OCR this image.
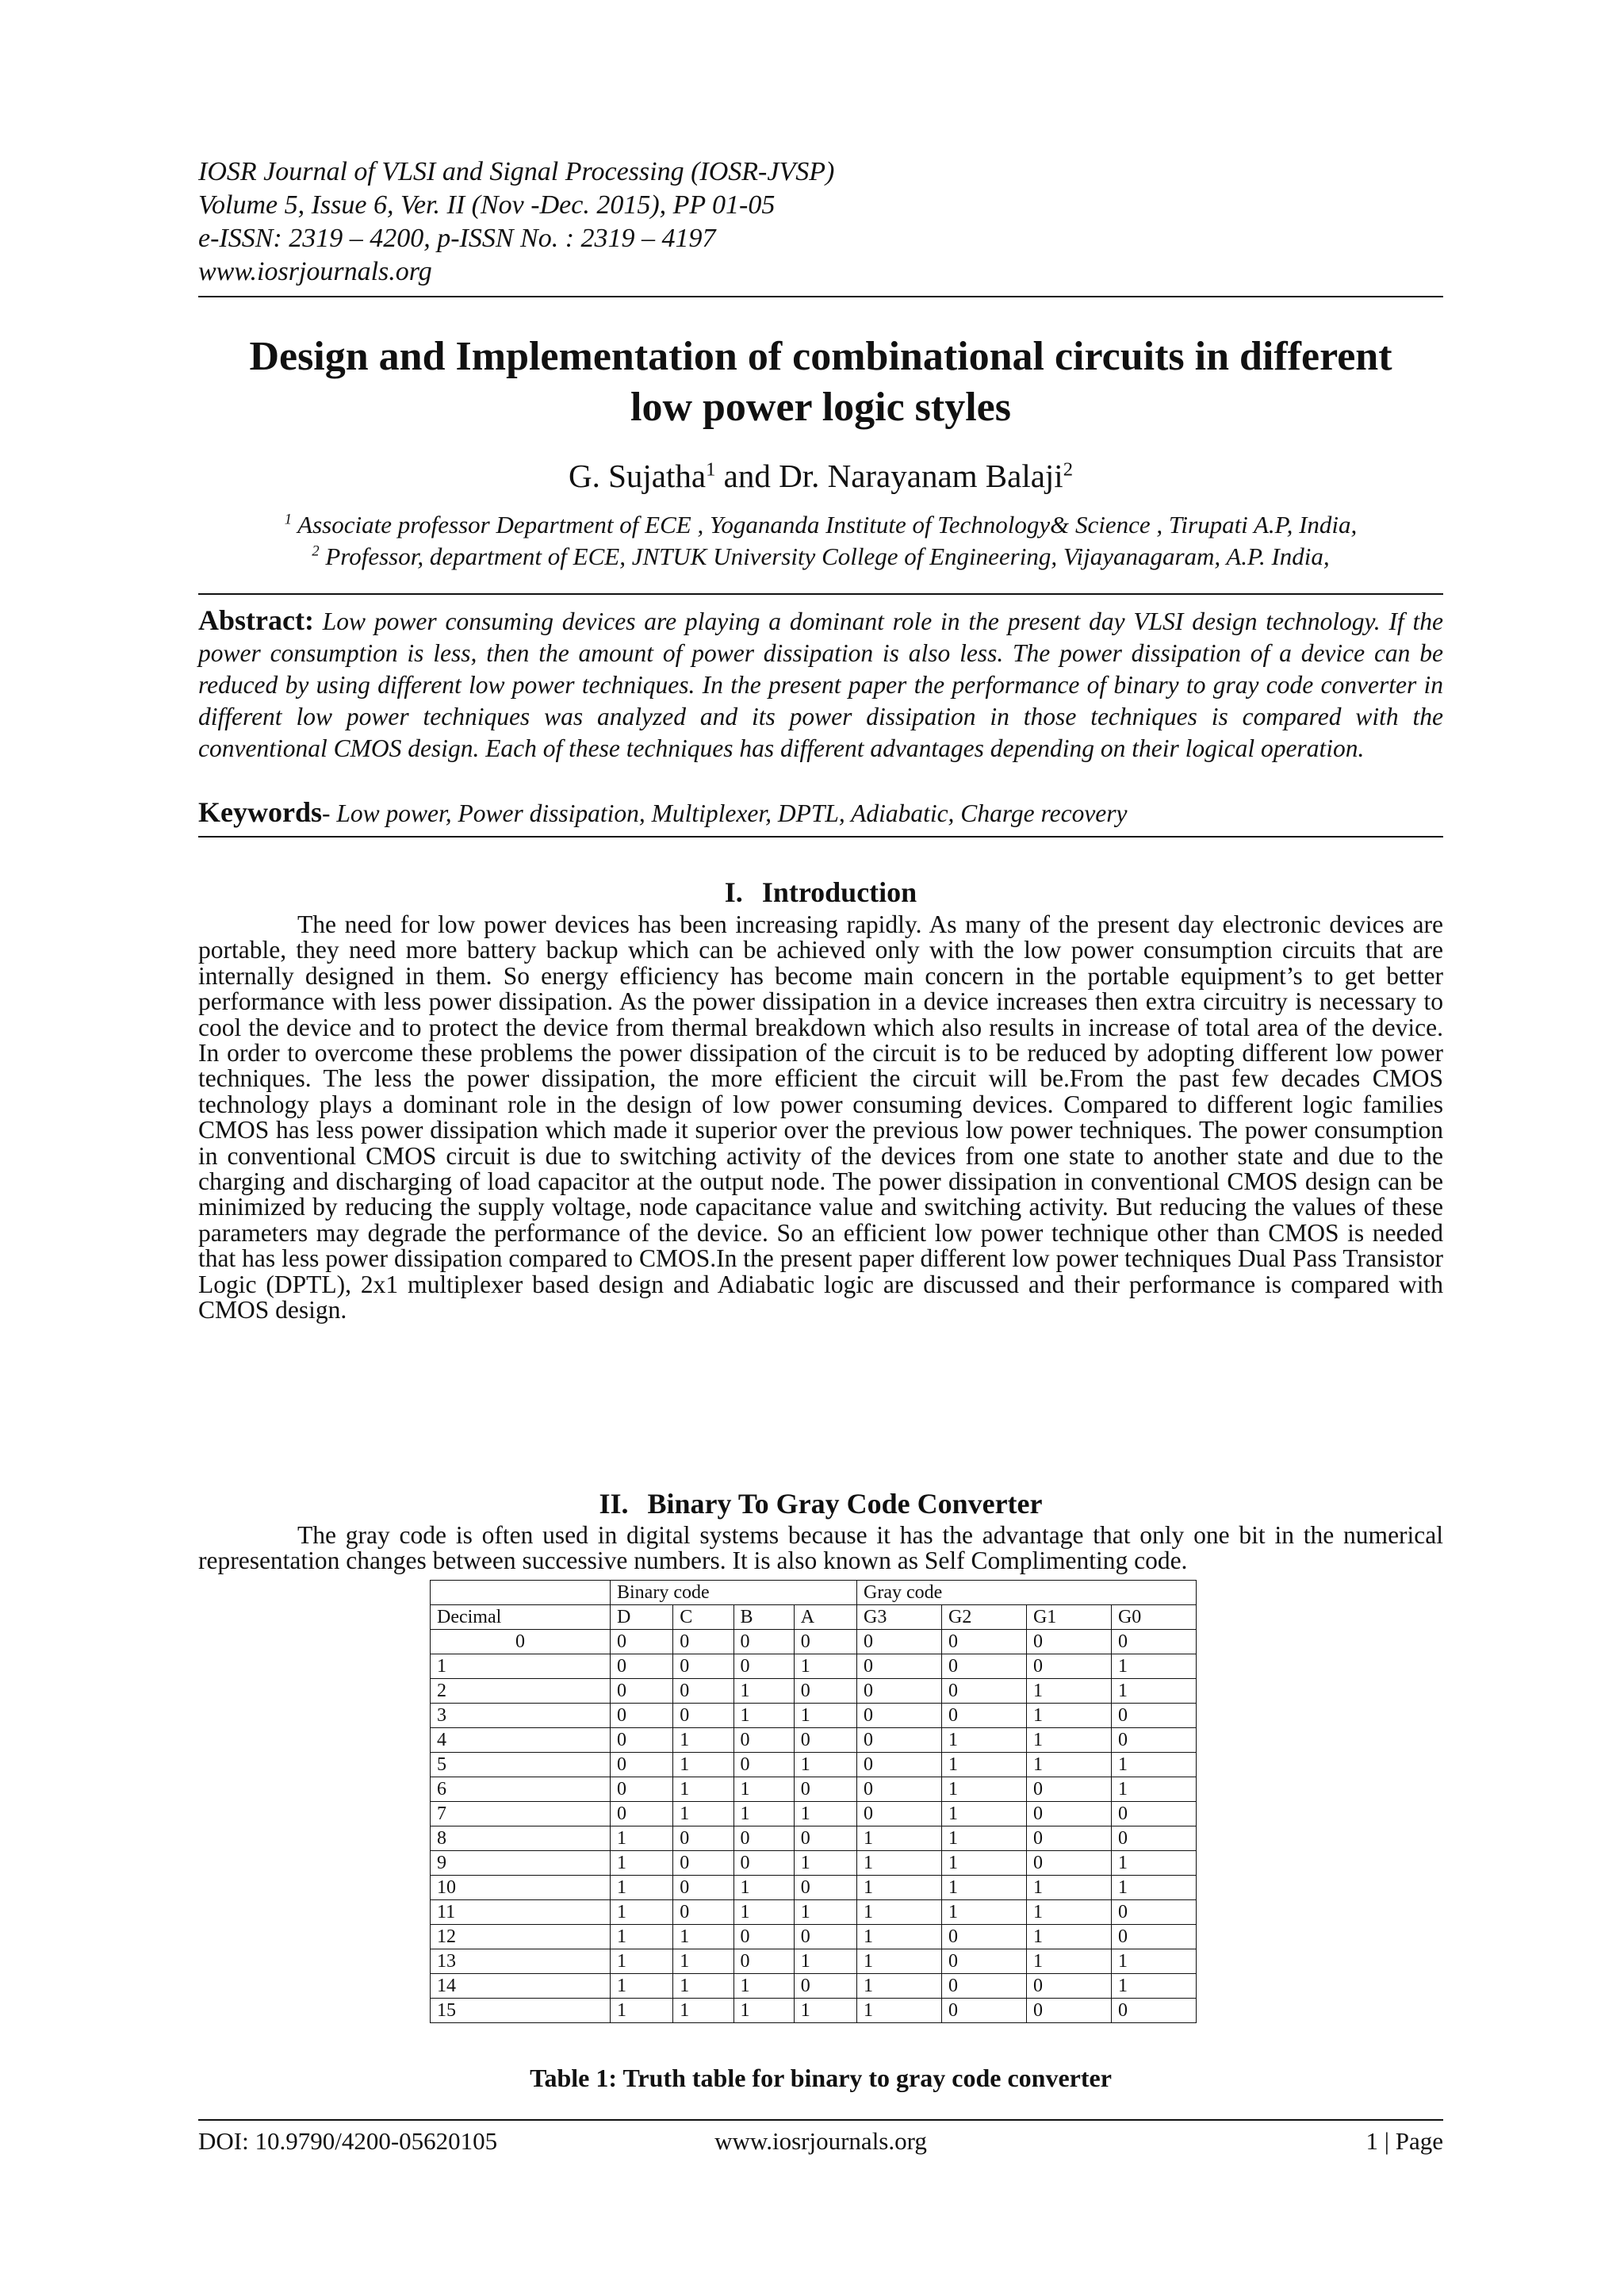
IOSR Journal of VLSI and Signal Processing (IOSR-JVSP)
Volume 5, Issue 6, Ver. II (Nov -Dec. 2015), PP 01-05
e-ISSN: 2319 – 4200, p-ISSN No. : 2319 – 4197
www.iosrjournals.org
Design and Implementation of combinational circuits in different
low power logic styles
G. Sujatha$^1$ and Dr. Narayanam Balaji$^2$
$^1$ Associate professor Department of ECE , Yogananda Institute of Technology& Science , Tirupati A.P, India,
$^2$ Professor, department of ECE, JNTUK University College of Engineering, Vijayanagaram, A.P. India,
Abstract: Low power consuming devices are playing a dominant role in the present day VLSI design technology. If the power consumption is less, then the amount of power dissipation is also less. The power dissipation of a device can be reduced by using different low power techniques. In the present paper the performance of binary to gray code converter in different low power techniques was analyzed and its power dissipation in those techniques is compared with the conventional CMOS design. Each of these techniques has different advantages depending on their logical operation.
Keywords- Low power, Power dissipation, Multiplexer, DPTL, Adiabatic, Charge recovery
I. Introduction

The need for low power devices has been increasing rapidly. As many of the present day electronic devices are portable, they need more battery backup which can be achieved only with the low power consumption circuits that are internally designed in them. So energy efficiency has become main concern in the portable equipment’s to get better performance with less power dissipation. As the power dissipation in a device increases then extra circuitry is necessary to cool the device and to protect the device from thermal breakdown which also results in increase of total area of the device. In order to overcome these problems the power dissipation of the circuit is to be reduced by adopting different low power techniques. The less the power dissipation, the more efficient the circuit will be.From the past few decades CMOS technology plays a dominant role in the design of low power consuming devices. Compared to different logic families CMOS has less power dissipation which made it superior over the previous low power techniques. The power consumption in conventional CMOS circuit is due to switching activity of the devices from one state to another state and due to the charging and discharging of load capacitor at the output node. The power dissipation in conventional CMOS design can be minimized by reducing the supply voltage, node capacitance value and switching activity. But reducing the values of these parameters may degrade the performance of the device. So an efficient low power technique other than CMOS is needed that has less power dissipation compared to CMOS.In the present paper different low power techniques Dual Pass Transistor Logic (DPTL), 2x1 multiplexer based design and Adiabatic logic are discussed and their performance is compared with CMOS design.

II. Binary To Gray Code Converter

The gray code is often used in digital systems because it has the advantage that only one bit in the numerical representation changes between successive numbers. It is also known as Self Complimenting code.

	Binary code				Gray code			
Decimal	D	C	B	A	G3	G2	G1	G0
0	0	0	0	0	0	0	0	0
1	0	0	0	1	0	0	0	1
2	0	0	1	0	0	0	1	1
3	0	0	1	1	0	0	1	0
4	0	1	0	0	0	1	1	0
5	0	1	0	1	0	1	1	1
6	0	1	1	0	0	1	0	1
7	0	1	1	1	0	1	0	0
8	1	0	0	0	1	1	0	0
9	1	0	0	1	1	1	0	1
10	1	0	1	0	1	1	1	1
11	1	0	1	1	1	1	1	0
12	1	1	0	0	1	0	1	0
13	1	1	0	1	1	0	1	1
14	1	1	1	0	1	0	0	1
15	1	1	1	1	1	0	0	0
Table 1: Truth table for binary to gray code converter
DOI: 10.9790/4200-05620105	www.iosrjournals.org	1 | Page
